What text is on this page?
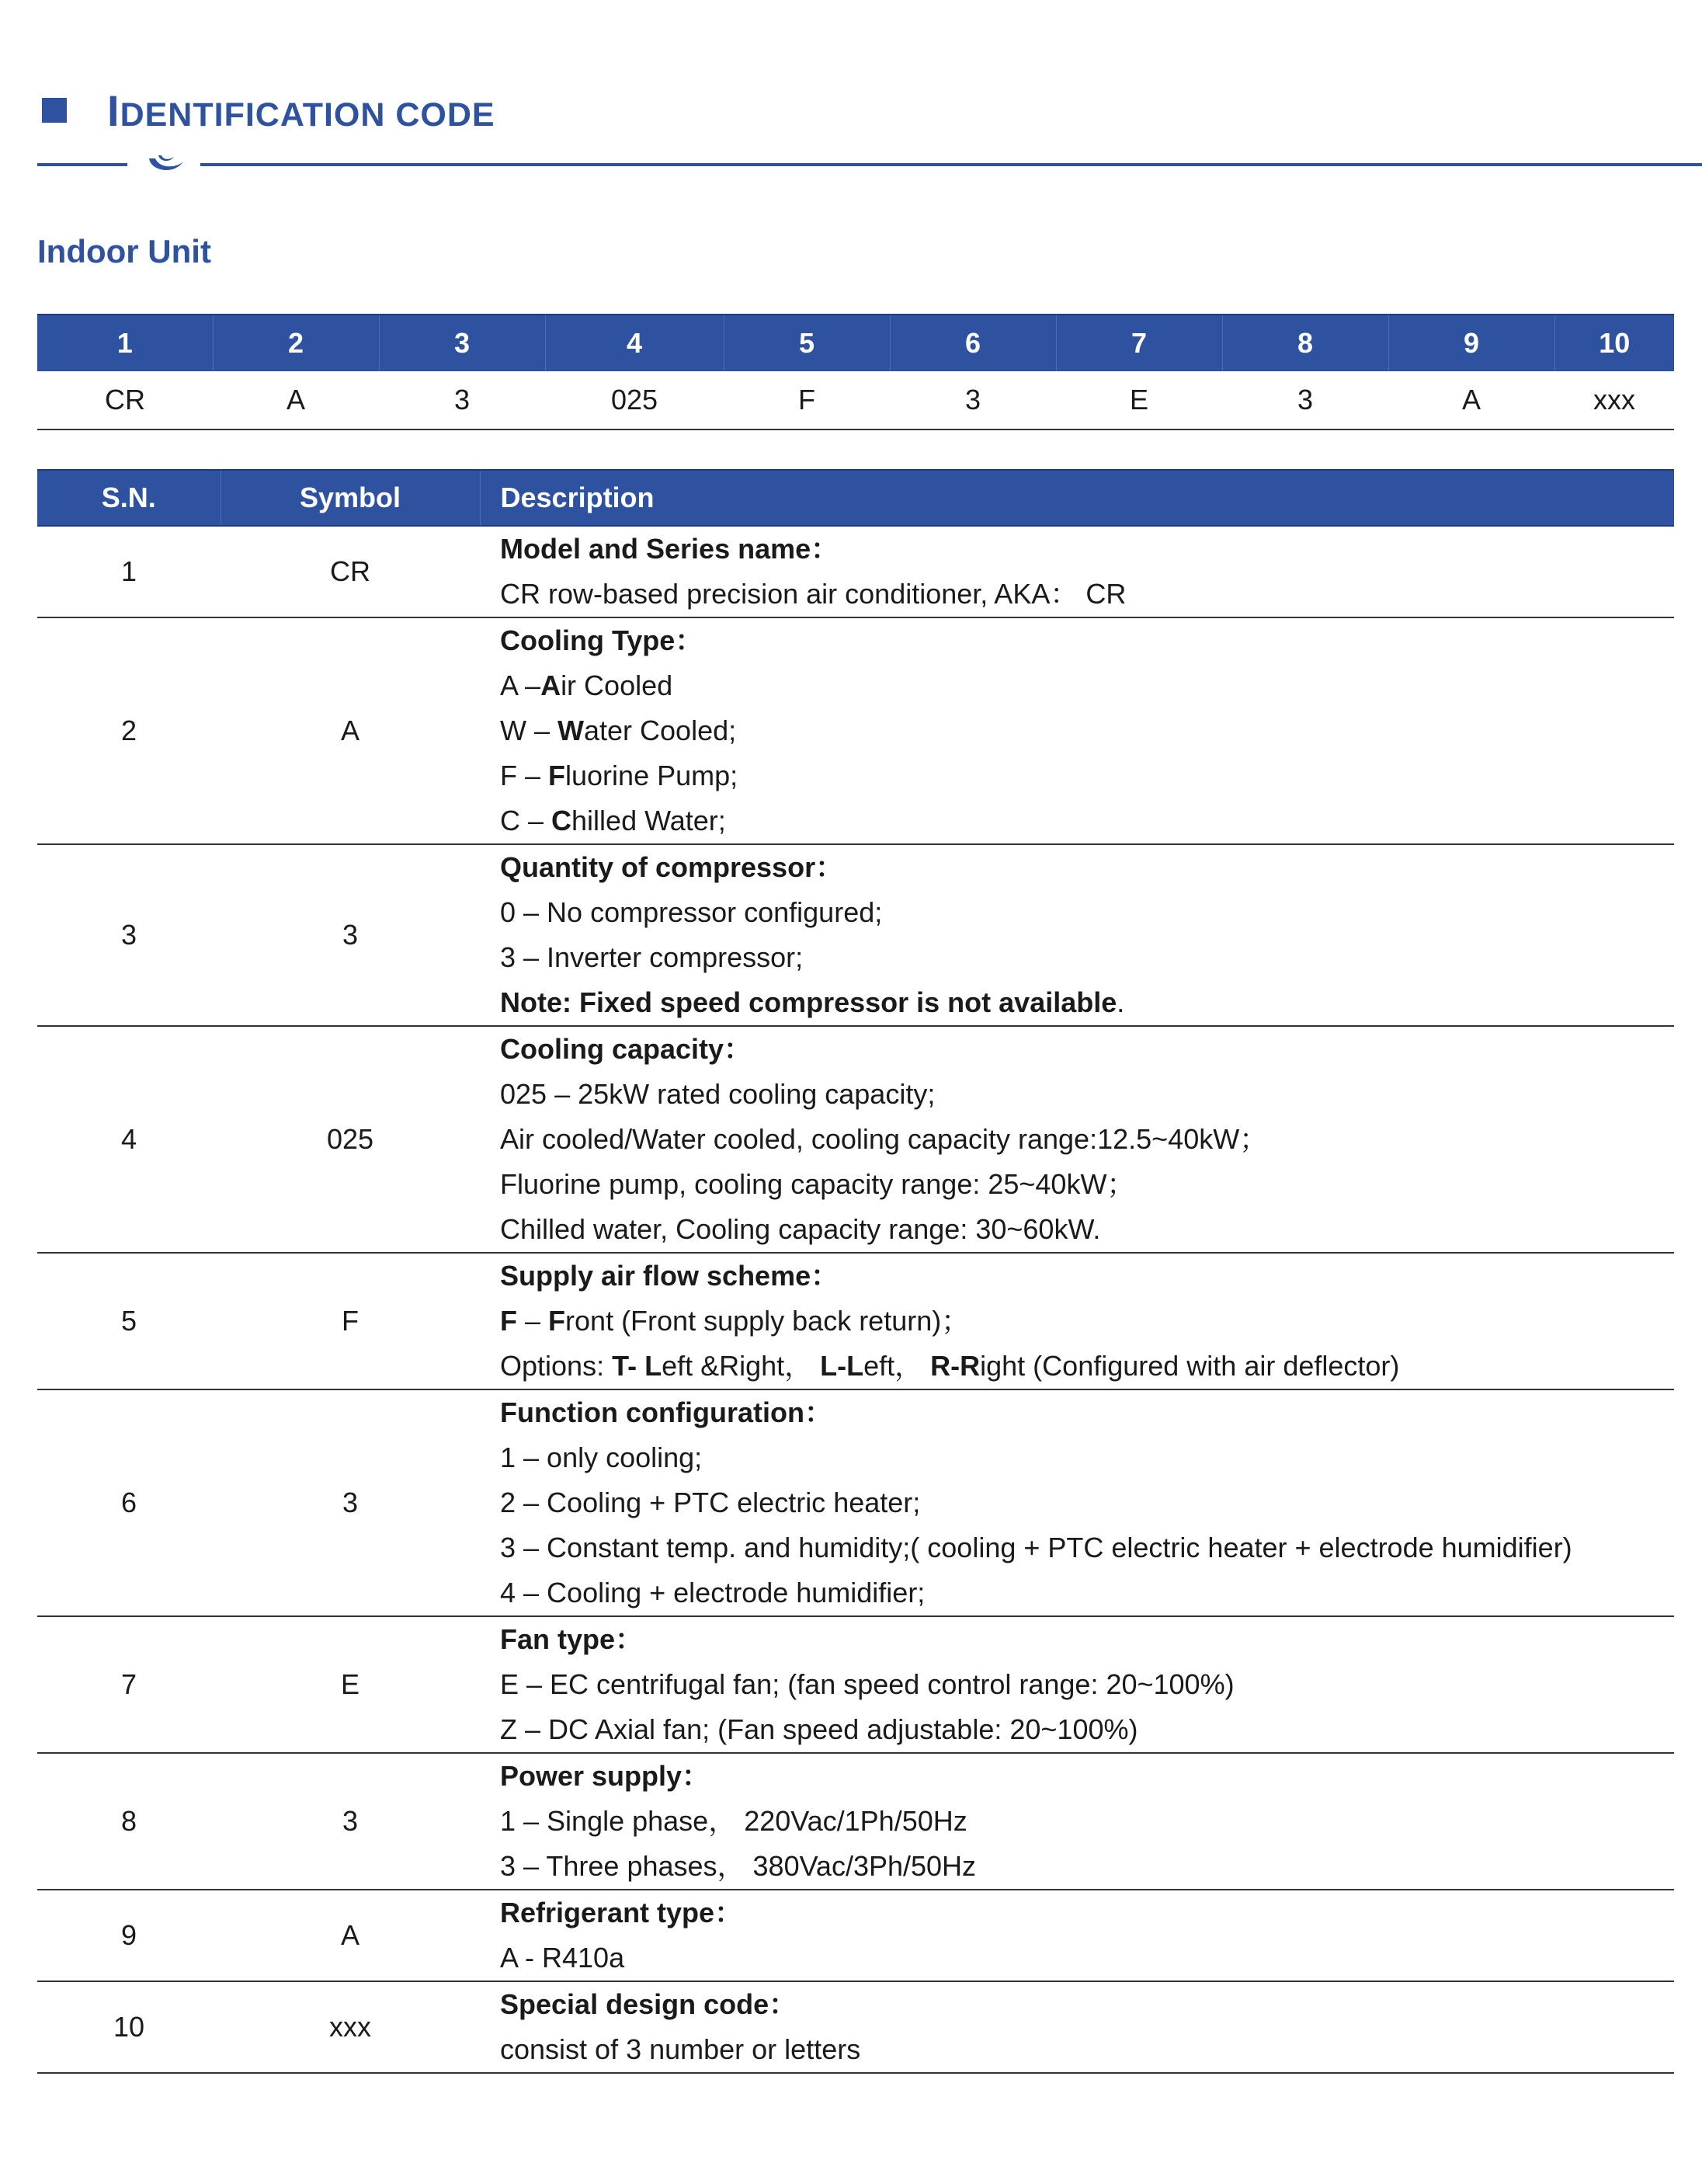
IDENTIFICATION CODE
Indoor Unit
1	2	3	4	5	6	7	8	9	10
CR	A	3	025	F	3	E	3	A	xxx
S.N.	Symbol	Description
1	CR	Model and Series name：
CR row-based precision air conditioner, AKA： CR

2	A	Cooling Type：
A –Air Cooled
W – Water Cooled;
F – Fluorine Pump;
C – Chilled Water;

3	3	Quantity of compressor：
0 – No compressor configured;
3 – Inverter compressor;
Note: Fixed speed compressor is not available.

4	025	Cooling capacity：
025 – 25kW rated cooling capacity;
Air cooled/Water cooled, cooling capacity range:12.5~40kW；
Fluorine pump, cooling capacity range: 25~40kW；
Chilled water, Cooling capacity range: 30~60kW.

5	F	Supply air flow scheme：
F – Front (Front supply back return)；
Options: T- Left &Right， L-Left， R-Right (Configured with air deflector)

6	3	Function configuration：
1 – only cooling;
2 – Cooling + PTC electric heater;
3 – Constant temp. and humidity;( cooling + PTC electric heater + electrode humidifier)
4 – Cooling + electrode humidifier;

7	E	Fan type：
E – EC centrifugal fan; (fan speed control range: 20~100%)
Z – DC Axial fan; (Fan speed adjustable: 20~100%)

8	3	Power supply：
1 – Single phase， 220Vac/1Ph/50Hz
3 – Three phases， 380Vac/3Ph/50Hz

9	A	Refrigerant type：
A - R410a

10	xxx	Special design code：
consist of 3 number or letters
